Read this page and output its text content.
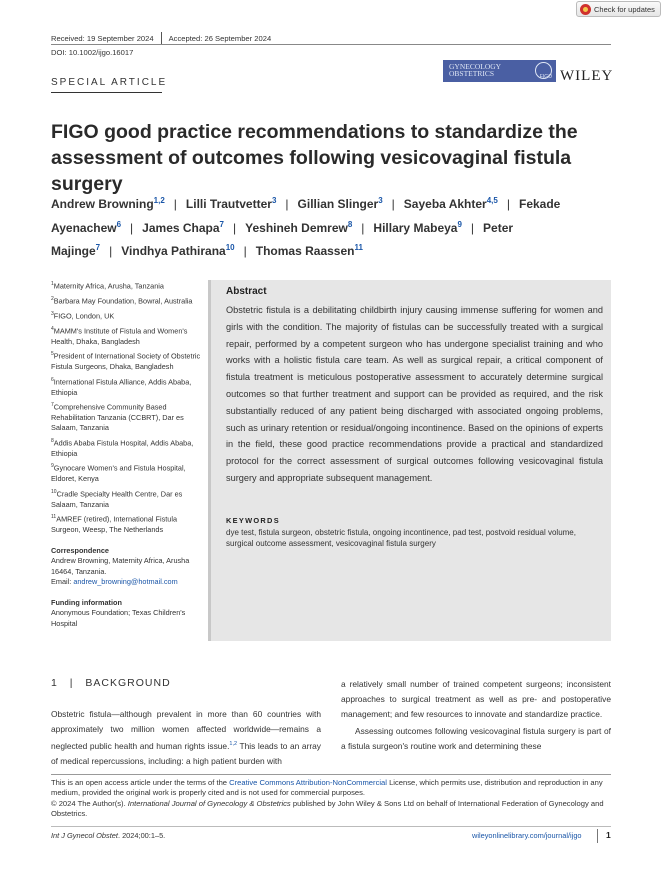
Check for updates
Received: 19 September 2024 Accepted: 26 September 2024
DOI: 10.1002/ijgo.16017
SPECIAL ARTICLE
GYNECOLOGY
OBSTETRICS	FIGO WILEY
FIGO good practice recommendations to standardize the assessment of outcomes following vesicovaginal fistula surgery
Andrew Browning$^{1,2}$ | Lilli Trautvetter$^3$ | Gillian Slinger$^3$ | Sayeba Akhter$^{4,5}$ | Fekade Ayenachew$^6$ | James Chapa$^7$ | Yeshineh Demrew$^8$ | Hillary Mabeya$^9$ | Peter Majinge$^7$ | Vindhya Pathirana$^{10}$ | Thomas Raassen$^{11}$
$^1$Maternity Africa, Arusha, Tanzania
$^2$Barbara May Foundation, Bowral, Australia
$^3$FIGO, London, UK
$^4$MAMM's Institute of Fistula and Women's Health, Dhaka, Bangladesh
$^5$President of International Society of Obstetric Fistula Surgeons, Dhaka, Bangladesh
$^6$International Fistula Alliance, Addis Ababa, Ethiopia
$^7$Comprehensive Community Based Rehabilitation Tanzania (CCBRT), Dar es Salaam, Tanzania
$^8$Addis Ababa Fistula Hospital, Addis Ababa, Ethiopia
$^9$Gynocare Women's and Fistula Hospital, Eldoret, Kenya
$^{10}$Cradle Specialty Health Centre, Dar es Salaam, Tanzania
$^{11}$AMREF (retired), International Fistula Surgeon, Weesp, The Netherlands
Correspondence
Andrew Browning, Maternity Africa, Arusha 16464, Tanzania.
Email: andrew_browning@hotmail.com
Funding information
Anonymous Foundation; Texas Children's Hospital
Abstract
Obstetric fistula is a debilitating childbirth injury causing immense suffering for women and girls with the condition. The majority of fistulas can be successfully treated with a surgical repair, performed by a competent surgeon who has undergone specialist training and who works with a holistic fistula care team. As well as surgical repair, a critical component of fistula treatment is meticulous postoperative assessment to accurately determine surgical outcomes so that further treatment and support can be provided as required, and the risk substantially reduced of any patient being discharged with associated ongoing problems, such as urinary retention or residual/ongoing incontinence. Based on the opinions of experts in the field, these good practice recommendations provide a practical and standardized protocol for the correct assessment of surgical outcomes following vesicovaginal fistula surgery and appropriate subsequent management.
KEYWORDS
dye test, fistula surgeon, obstetric fistula, ongoing incontinence, pad test, postvoid residual volume, surgical outcome assessment, vesicovaginal fistula surgery
1 | BACKGROUND

Obstetric fistula—although prevalent in more than 60 countries with approximately two million women affected worldwide—remains a neglected public health and human rights issue.$^{1,2}$ This leads to an array of medical repercussions, including: a high patient burden with

a relatively small number of trained competent surgeons; inconsistent approaches to surgical treatment as well as pre- and postoperative management; and few resources to innovate and standardize practice.

Assessing outcomes following vesicovaginal fistula surgery is part of a fistula surgeon's routine work and determining these

This is an open access article under the terms of the Creative Commons Attribution-NonCommercial License, which permits use, distribution and reproduction in any medium, provided the original work is properly cited and is not used for commercial purposes.
© 2024 The Author(s). International Journal of Gynecology & Obstetrics published by John Wiley & Sons Ltd on behalf of International Federation of Gynecology and Obstetrics.
Int J Gynecol Obstet. 2024;00:1–5.	wileyonlinelibrary.com/journal/ijgo	1
